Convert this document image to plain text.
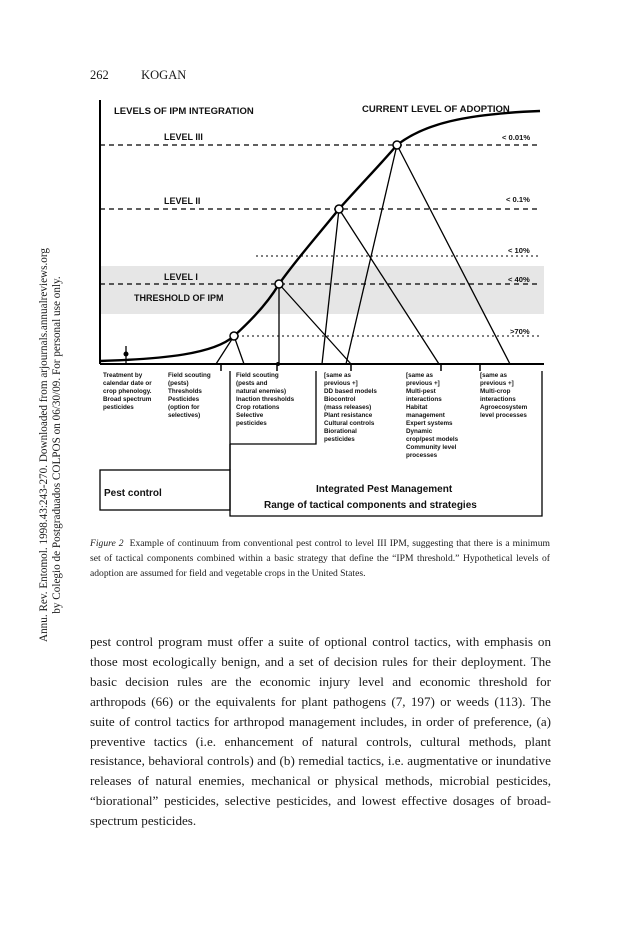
262	KOGAN
Annu. Rev. Entomol. 1998.43:243-270. Downloaded from arjournals.annualreviews.org by Colegio de Postgraduados COLPOS on 06/30/09. For personal use only.
LEVELS OF IPM INTEGRATION	CURRENT LEVEL OF ADOPTION
LEVEL III
LEVEL II
LEVEL I
THRESHOLD OF IPM
< 0.01%
< 0.1%
< 10%
< 40%
>70%
Treatment by
calendar date or
crop phenology.
Broad spectrum
pesticides
Field scouting
(pests)
Thresholds
Pesticides
(option for
selectives)
Field scouting
(pests and
natural enemies)
Inaction thresholds
Crop rotations
Selective
pesticides
[same as
previous +]
DD based models
Biocontrol
(mass releases)
Plant resistance
Cultural controls
Biorational
pesticides
[same as
previous +]
Multi-pest
interactions
Habitat
management
Expert systems
Dynamic
crop/pest models
Community level
processes
[same as
previous +]
Multi-crop
interactions
Agroecosystem
level processes
Pest control	Integrated Pest Management
Range of tactical components and strategies
Figure 2 Example of continuum from conventional pest control to level III IPM, suggesting that there is a minimum set of tactical components combined within a basic strategy that define the “IPM threshold.” Hypothetical levels of adoption are assumed for field and vegetable crops in the United States.
pest control program must offer a suite of optional control tactics, with emphasis on those most ecologically benign, and a set of decision rules for their deployment. The basic decision rules are the economic injury level and economic threshold for arthropods (66) or the equivalents for plant pathogens (7, 197) or weeds (113). The suite of control tactics for arthropod management includes, in order of preference, (a) preventive tactics (i.e. enhancement of natural controls, cultural methods, plant resistance, behavioral controls) and (b) remedial tactics, i.e. augmentative or inundative releases of natural enemies, mechanical or physical methods, microbial pesticides, “biorational” pesticides, selective pesticides, and lowest effective dosages of broad-spectrum pesticides.
